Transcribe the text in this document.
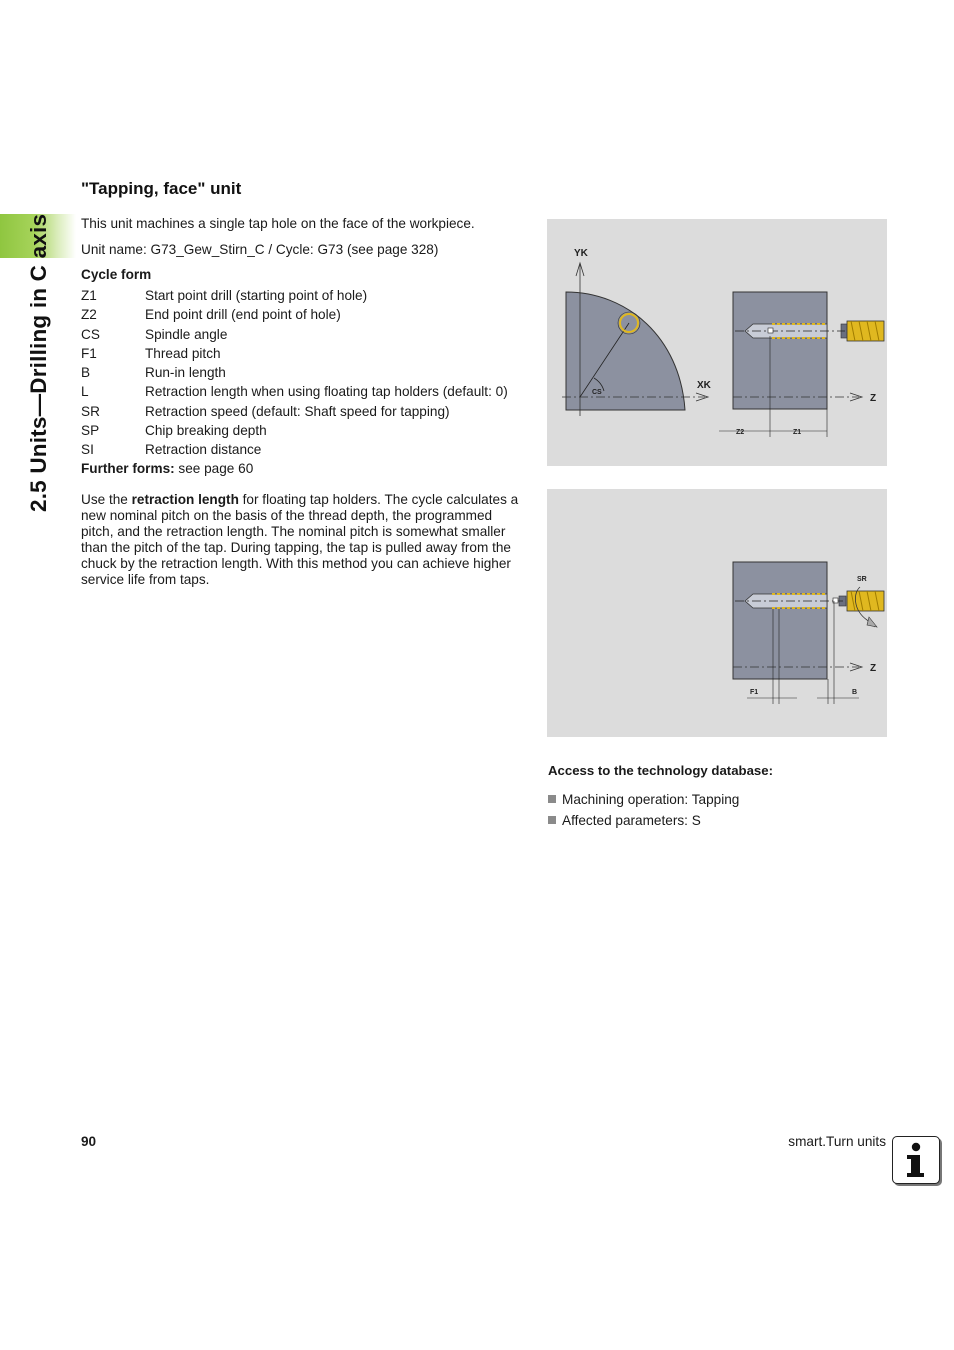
2.5 Units—Drilling in C axis
"Tapping, face" unit

This unit machines a single tap hole on the face of the workpiece.

Unit name: G73_Gew_Stirn_C / Cycle: G73 (see page 328)

Cycle form

Z1	Start point drill (starting point of hole)
Z2	End point drill (end point of hole)
CS	Spindle angle
F1	Thread pitch
B	Run-in length
L	Retraction length when using floating tap holders (default: 0)
SR	Retraction speed (default: Shaft speed for tapping)
SP	Chip breaking depth
SI	Retraction distance

Further forms: see page 60

Use the retraction length for floating tap holders. The cycle calculates a new nominal pitch on the basis of the thread depth, the programmed pitch, and the retraction length. The nominal pitch is somewhat smaller than the pitch of the tap. During tapping, the tap is pulled away from the chuck by the retraction length. With this method you can achieve higher service life from taps.

YK
XK
CS
Z
Z2	Z1
SR
Z
F1	B

Access to the technology database:

Machining operation: Tapping
Affected parameters: S
90	smart.Turn units
